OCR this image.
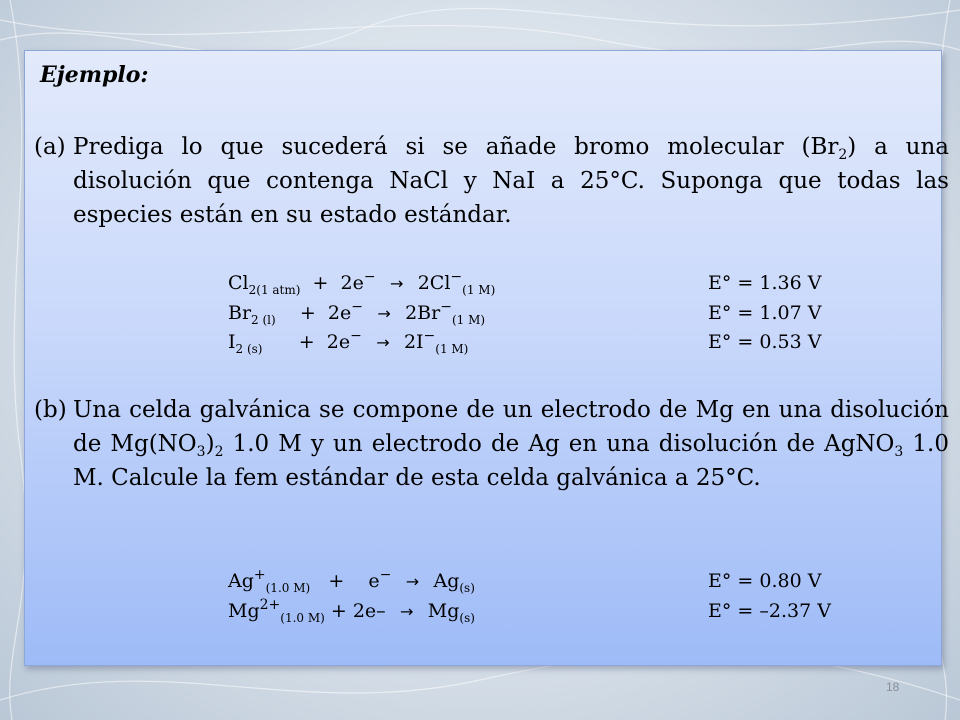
Ejemplo:

(a) Prediga lo que sucederá si se añade bromo molecular $(Br_2)$ a una disolución que contenga NaCl y NaI a 25°C. Suponga que todas las especies están en su estado estándar.

$Cl_{2(1 atm)} + 2e^- \to 2Cl^-_{(1 M)}$	E° = 1.36 V
$Br_{2 (l)} + 2e^- \to 2Br^-_{(1 M)}$	E° = 1.07 V
$I_{2 (s)} + 2e^- \to 2I^-_{(1 M)}$	E° = 0.53 V

(b) Una celda galvánica se compone de un electrodo de Mg en una disolución de $Mg(NO_3)_2$ 1.0 M y un electrodo de Ag en una disolución de AgNO$_3$ 1.0 M. Calcule la fem estándar de esta celda galvánica a 25°C.

$Ag^+_{(1.0 M)} + e^- \to Ag_{(s)}$	E° = 0.80 V
$Mg^{2+}_{(1.0 M)} + 2e- \to Mg_{(s)}$	E° = –2.37 V
18
